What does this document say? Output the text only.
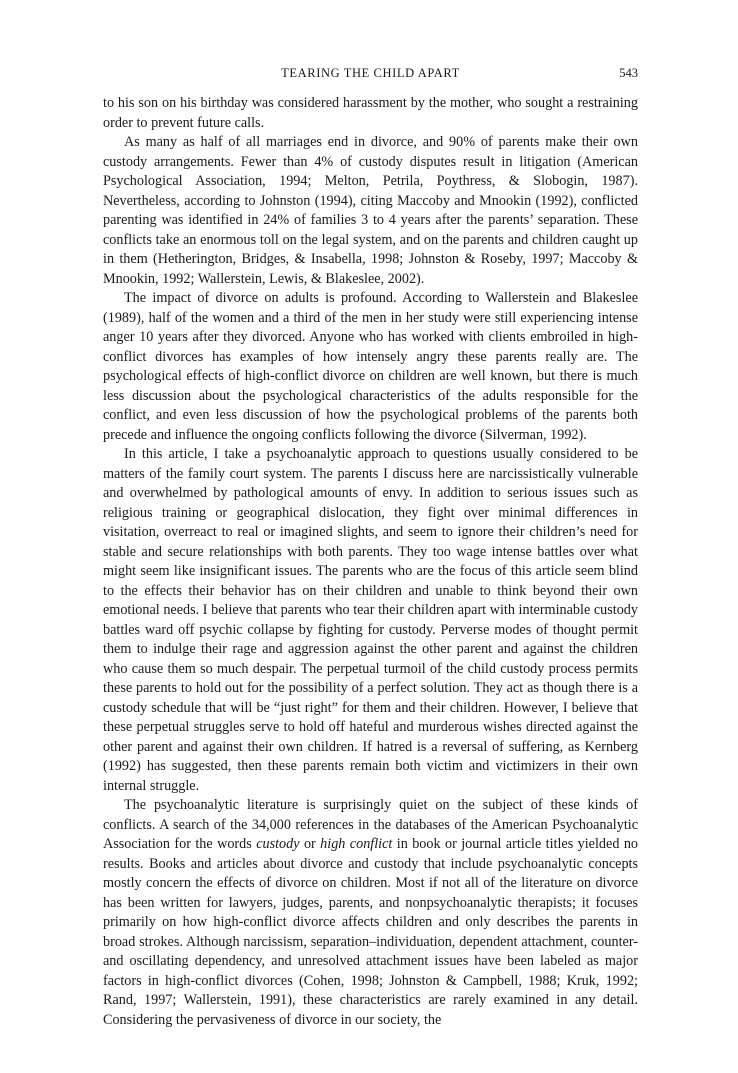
TEARING THE CHILD APART	543

to his son on his birthday was considered harassment by the mother, who sought a restraining order to prevent future calls.

As many as half of all marriages end in divorce, and 90% of parents make their own custody arrangements. Fewer than 4% of custody disputes result in litigation (American Psychological Association, 1994; Melton, Petrila, Poythress, & Slobogin, 1987). Nevertheless, according to Johnston (1994), citing Maccoby and Mnookin (1992), conflicted parenting was identified in 24% of families 3 to 4 years after the parents’ separation. These conflicts take an enormous toll on the legal system, and on the parents and children caught up in them (Hetherington, Bridges, & Insabella, 1998; Johnston & Roseby, 1997; Maccoby & Mnookin, 1992; Wallerstein, Lewis, & Blakeslee, 2002).

The impact of divorce on adults is profound. According to Wallerstein and Blakeslee (1989), half of the women and a third of the men in her study were still experiencing intense anger 10 years after they divorced. Anyone who has worked with clients embroiled in high-conflict divorces has examples of how intensely angry these parents really are. The psychological effects of high-conflict divorce on children are well known, but there is much less discussion about the psychological characteristics of the adults responsible for the conflict, and even less discussion of how the psychological problems of the parents both precede and influence the ongoing conflicts following the divorce (Silverman, 1992).

In this article, I take a psychoanalytic approach to questions usually considered to be matters of the family court system. The parents I discuss here are narcissistically vulnerable and overwhelmed by pathological amounts of envy. In addition to serious issues such as religious training or geographical dislocation, they fight over minimal differences in visitation, overreact to real or imagined slights, and seem to ignore their children’s need for stable and secure relationships with both parents. They too wage intense battles over what might seem like insignificant issues. The parents who are the focus of this article seem blind to the effects their behavior has on their children and unable to think beyond their own emotional needs. I believe that parents who tear their children apart with interminable custody battles ward off psychic collapse by fighting for custody. Perverse modes of thought permit them to indulge their rage and aggression against the other parent and against the children who cause them so much despair. The perpetual turmoil of the child custody process permits these parents to hold out for the possibility of a perfect solution. They act as though there is a custody schedule that will be “just right” for them and their children. However, I believe that these perpetual struggles serve to hold off hateful and murderous wishes directed against the other parent and against their own children. If hatred is a reversal of suffering, as Kernberg (1992) has suggested, then these parents remain both victim and victimizers in their own internal struggle.

The psychoanalytic literature is surprisingly quiet on the subject of these kinds of conflicts. A search of the 34,000 references in the databases of the American Psychoanalytic Association for the words custody or high conflict in book or journal article titles yielded no results. Books and articles about divorce and custody that include psychoanalytic concepts mostly concern the effects of divorce on children. Most if not all of the literature on divorce has been written for lawyers, judges, parents, and nonpsychoanalytic therapists; it focuses primarily on how high-conflict divorce affects children and only describes the parents in broad strokes. Although narcissism, separation–individuation, dependent attachment, counter- and oscillating dependency, and unresolved attachment issues have been labeled as major factors in high-conflict divorces (Cohen, 1998; Johnston & Campbell, 1988; Kruk, 1992; Rand, 1997; Wallerstein, 1991), these characteristics are rarely examined in any detail. Considering the pervasiveness of divorce in our society, the
